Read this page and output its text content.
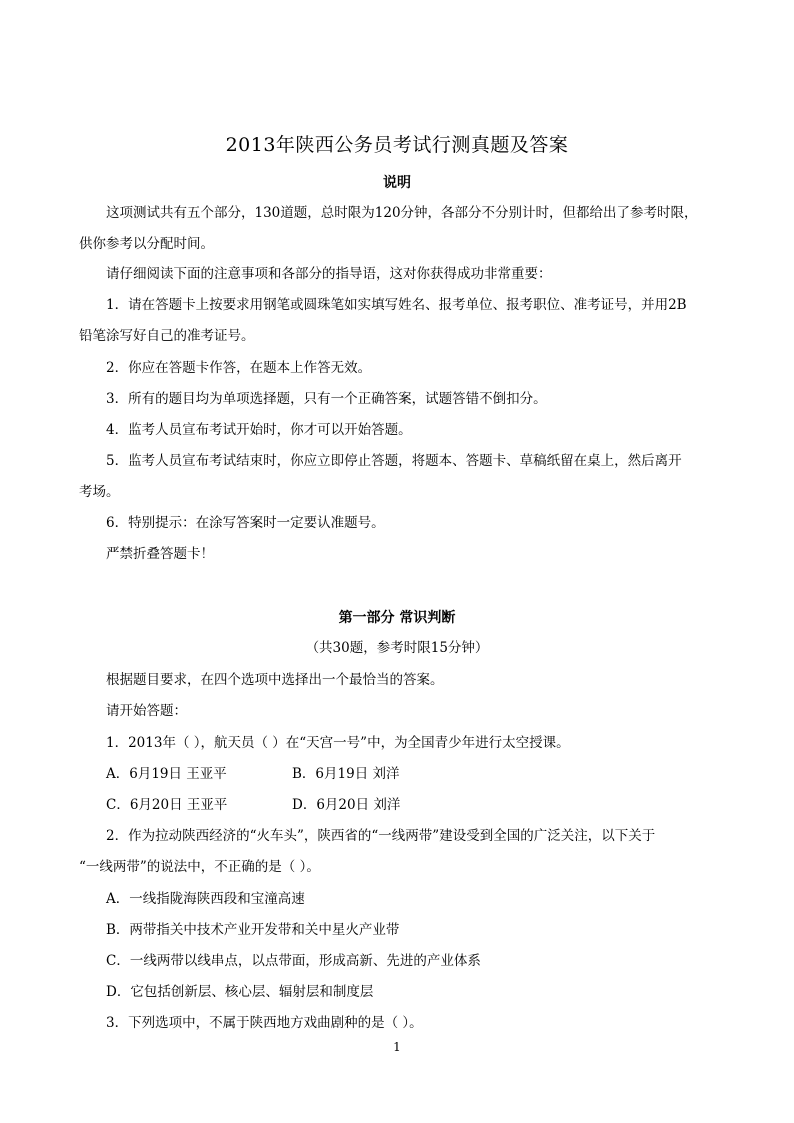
2013年陕西公务员考试行测真题及答案
说明
这项测试共有五个部分，130道题，总时限为120分钟，各部分不分别计时，但都给出了参考时限，
供你参考以分配时间。
请仔细阅读下面的注意事项和各部分的指导语，这对你获得成功非常重要：
1．请在答题卡上按要求用钢笔或圆珠笔如实填写姓名、报考单位、报考职位、准考证号，并用2B
铅笔涂写好自己的准考证号。
2．你应在答题卡作答，在题本上作答无效。
3．所有的题目均为单项选择题，只有一个正确答案，试题答错不倒扣分。
4．监考人员宣布考试开始时，你才可以开始答题。
5．监考人员宣布考试结束时，你应立即停止答题，将题本、答题卡、草稿纸留在桌上，然后离开
考场。
6．特别提示：在涂写答案时一定要认准题号。
严禁折叠答题卡！
第一部分 常识判断
（共30题，参考时限15分钟）
根据题目要求，在四个选项中选择出一个最恰当的答案。
请开始答题：
1．2013年（ ），航天员（ ）在“天宫一号”中，为全国青少年进行太空授课。
A．6月19日 王亚平	B．6月19日 刘洋
C．6月20日 王亚平	D．6月20日 刘洋
2．作为拉动陕西经济的“火车头”，陕西省的“一线两带”建设受到全国的广泛关注，以下关于
“一线两带”的说法中，不正确的是（ ）。
A．一线指陇海陕西段和宝潼高速
B．两带指关中技术产业开发带和关中星火产业带
C．一线两带以线串点，以点带面，形成高新、先进的产业体系
D．它包括创新层、核心层、辐射层和制度层
3．下列选项中，不属于陕西地方戏曲剧种的是（ ）。
1
